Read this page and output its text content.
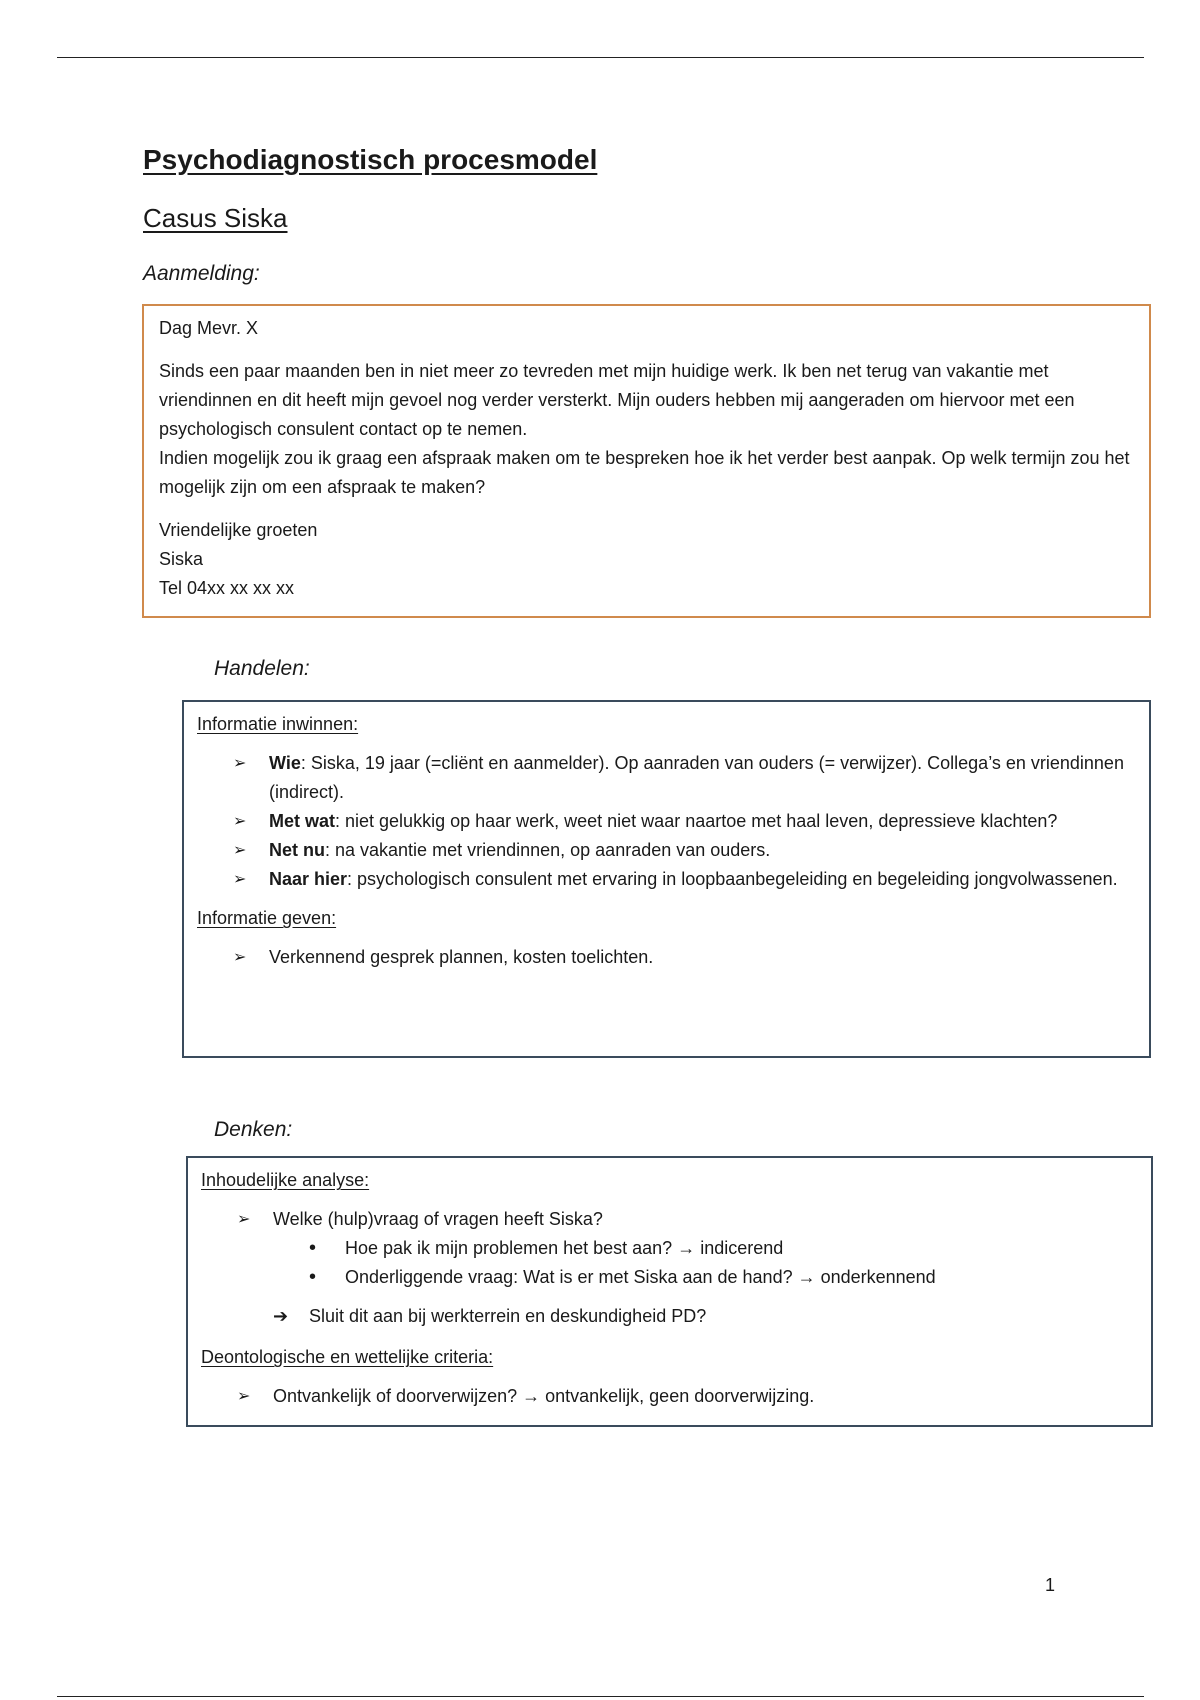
Psychodiagnostisch procesmodel
Casus Siska
Aanmelding:

Dag Mevr. X

Sinds een paar maanden ben in niet meer zo tevreden met mijn huidige werk. Ik ben net terug van vakantie met vriendinnen en dit heeft mijn gevoel nog verder versterkt. Mijn ouders hebben mij aangeraden om hiervoor met een psychologisch consulent contact op te nemen.
Indien mogelijk zou ik graag een afspraak maken om te bespreken hoe ik het verder best aanpak. Op welk termijn zou het mogelijk zijn om een afspraak te maken?

Vriendelijke groeten
Siska
Tel 04xx xx xx xx

Handelen:

Informatie inwinnen:

➢ Wie: Siska, 19 jaar (=cliënt en aanmelder). Op aanraden van ouders (= verwijzer). Collega’s en vriendinnen (indirect).
➢ Met wat: niet gelukkig op haar werk, weet niet waar naartoe met haal leven, depressieve klachten?
➢ Net nu: na vakantie met vriendinnen, op aanraden van ouders.
➢ Naar hier: psychologisch consulent met ervaring in loopbaanbegeleiding en begeleiding jongvolwassenen.

Informatie geven:

➢ Verkennend gesprek plannen, kosten toelichten.
Denken:

Inhoudelijke analyse:

➢ Welke (hulp)vraag of vragen heeft Siska?
• Hoe pak ik mijn problemen het best aan? → indicerend
• Onderliggende vraag: Wat is er met Siska aan de hand? → onderkennend
➔ Sluit dit aan bij werkterrein en deskundigheid PD?

Deontologische en wettelijke criteria:

➢ Ontvankelijk of doorverwijzen? → ontvankelijk, geen doorverwijzing.
1
